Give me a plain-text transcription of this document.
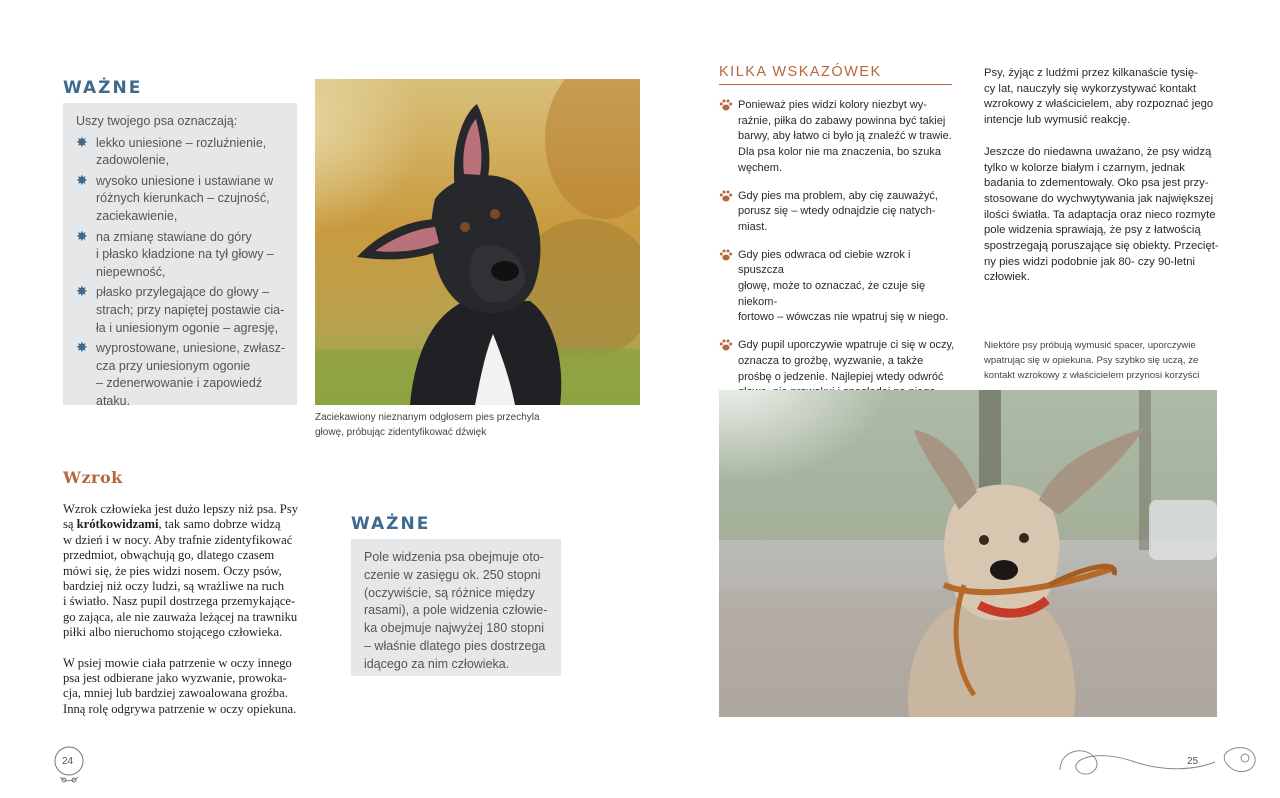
WAŻNE
Uszy twojego psa oznaczają:
✸ lekko uniesione – rozluźnienie,
zadowolenie,
✸ wysoko uniesione i ustawiane w
różnych kierunkach – czujność,
zaciekawienie,
✸ na zmianę stawiane do góry
i płasko kładzione na tył głowy –
niepewność,
✸ płasko przylegające do głowy –
strach; przy napiętej postawie cia-
ła i uniesionym ogonie – agresję,
✸ wyprostowane, uniesione, zwłasz-
cza przy uniesionym ogonie
– zdenerwowanie i zapowiedź
ataku.
Zaciekawiony nieznanym odgłosem pies przechyla
głowę, próbując zidentyfikować dźwięk
Wzrok

Wzrok człowieka jest dużo lepszy niż psa. Psy
są krótkowidzami, tak samo dobrze widzą
w dzień i w nocy. Aby trafnie zidentyfikować
przedmiot, obwąchują go, dlatego czasem
mówi się, że pies widzi nosem. Oczy psów,
bardziej niż oczy ludzi, są wrażliwe na ruch
i światło. Nasz pupil dostrzega przemykające-
go zająca, ale nie zauważa leżącej na trawniku
piłki albo nieruchomo stojącego człowieka.

W psiej mowie ciała patrzenie w oczy innego
psa jest odbierane jako wyzwanie, prowoka-
cja, mniej lub bardziej zawoalowana groźba.
Inną rolę odgrywa patrzenie w oczy opiekuna.

WAŻNE
Pole widzenia psa obejmuje oto-
czenie w zasięgu ok. 250 stopni
(oczywiście, są różnice między
rasami), a pole widzenia człowie-
ka obejmuje najwyżej 180 stopni
– właśnie dlatego pies dostrzega
idącego za nim człowieka.
24
KILKA WSKAZÓWEK
Ponieważ pies widzi kolory niezbyt wy-
raźnie, piłka do zabawy powinna być takiej
barwy, aby łatwo ci było ją znaleźć w trawie.
Dla psa kolor nie ma znaczenia, bo szuka
węchem.
Gdy pies ma problem, aby cię zauważyć,
porusz się – wtedy odnajdzie cię natych-
miast.
Gdy pies odwraca od ciebie wzrok i spuszcza
głowę, może to oznaczać, że czuje się niekom-
fortowo – wówczas nie wpatruj się w niego.
Gdy pupil uporczywie wpatruje ci się w oczy,
oznacza to groźbę, wyzwanie, a także
prośbę o jedzenie. Najlepiej wtedy odwróć

Psy, żyjąc z ludźmi przez kilkanaście tysię-
cy lat, nauczyły się wykorzystywać kontakt
wzrokowy z właścicielem, aby rozpoznać jego
intencje lub wymusić reakcję.

Jeszcze do niedawna uważano, że psy widzą
tylko w kolorze białym i czarnym, jednak
badania to zdementowały. Oko psa jest przy-
stosowane do wychwytywania jak największej
ilości światła. Ta adaptacja oraz nieco rozmyte
pole widzenia sprawiają, że psy z łatwością
spostrzegają poruszające się obiekty. Przecięt-
ny pies widzi podobnie jak 80- czy 90-letni
człowiek.

Niektóre psy próbują wymusić spacer, uporczywie
wpatrując się w opiekuna. Psy szybko się uczą, że
kontakt wzrokowy z właścicielem przynosi korzyści
25
